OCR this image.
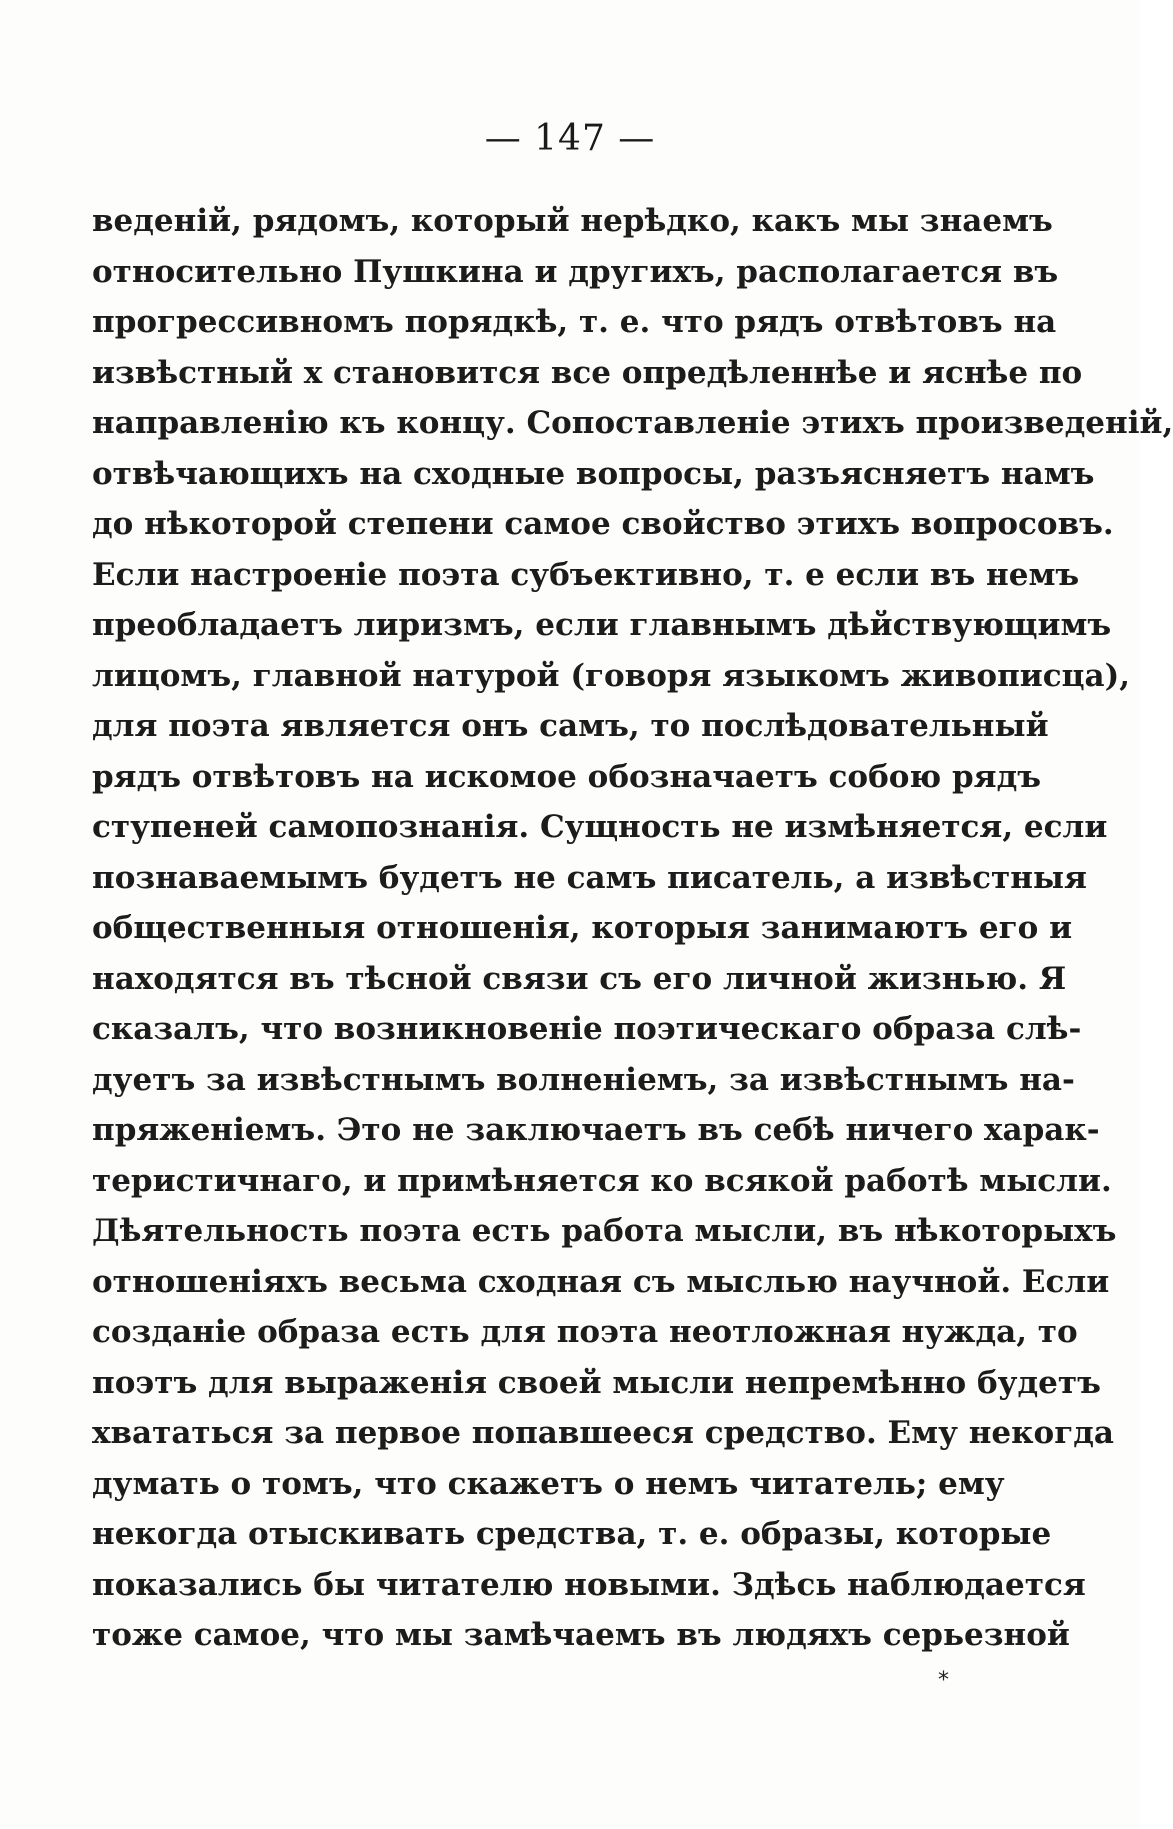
— 147 —
веденій, рядомъ, который нерѣдко, какъ мы знаемъ
относительно Пушкина и другихъ, располагается въ
прогрессивномъ порядкѣ, т. е. что рядъ отвѣтовъ на
извѣстный x становится все опредѣленнѣе и яснѣе по
направленію къ концу. Сопоставленіе этихъ произведеній,
отвѣчающихъ на сходные вопросы, разъясняетъ намъ
до нѣкоторой степени самое свойство этихъ вопросовъ.
Если настроеніе поэта субъективно, т. е если въ немъ
преобладаетъ лиризмъ, если главнымъ дѣйствующимъ
лицомъ, главной натурой (говоря языкомъ живописца),
для поэта является онъ самъ, то послѣдовательный
рядъ отвѣтовъ на искомое обозначаетъ собою рядъ
ступеней самопознанія. Сущность не измѣняется, если
познаваемымъ будетъ не самъ писатель, а извѣстныя
общественныя отношенія, которыя занимаютъ его и
находятся въ тѣсной связи съ его личной жизнью. Я
сказалъ, что возникновеніе поэтическаго образа слѣ-
дуетъ за извѣстнымъ волненіемъ, за извѣстнымъ на-
пряженіемъ. Это не заключаетъ въ себѣ ничего харак-
теристичнаго, и примѣняется ко всякой работѣ мысли.
Дѣятельность поэта есть работа мысли, въ нѣкоторыхъ
отношеніяхъ весьма сходная съ мыслью научной. Если
созданіе образа есть для поэта неотложная нужда, то
поэтъ для выраженія своей мысли непремѣнно будетъ
хвататься за первое попавшееся средство. Ему некогда
думать о томъ, что скажетъ о немъ читатель; ему
некогда отыскивать средства, т. е. образы, которые
показались бы читателю новыми. Здѣсь наблюдается
тоже самое, что мы замѣчаемъ въ людяхъ серьезной
*
